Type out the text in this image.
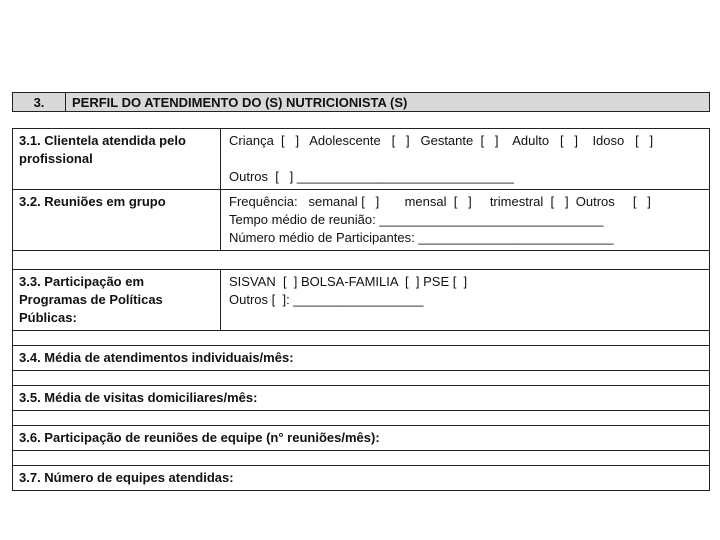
3.	PERFIL DO ATENDIMENTO DO (S) NUTRICIONISTA (S)
3.1. Clientela atendida pelo profissional
Criança  [   ]   Adolescente   [   ]   Gestante  [   ]    Adulto   [   ]    Idoso   [   ]
Outros  [   ] ______________________________
3.2. Reuniões em grupo	Frequência:   semanal [   ]       mensal  [   ]     trimestral  [   ]  Outros     [   ]
Tempo médio de reunião: _______________________________
Número médio de Participantes: ___________________________
3.3. Participação em Programas de Políticas Públicas:
SISVAN  [  ] BOLSA-FAMILIA  [  ] PSE [  ]
Outros [  ]: __________________
3.4. Média de atendimentos individuais/mês:
3.5. Média de visitas domiciliares/mês:
3.6. Participação de reuniões de equipe (n° reuniões/mês):
3.7. Número de equipes atendidas:
